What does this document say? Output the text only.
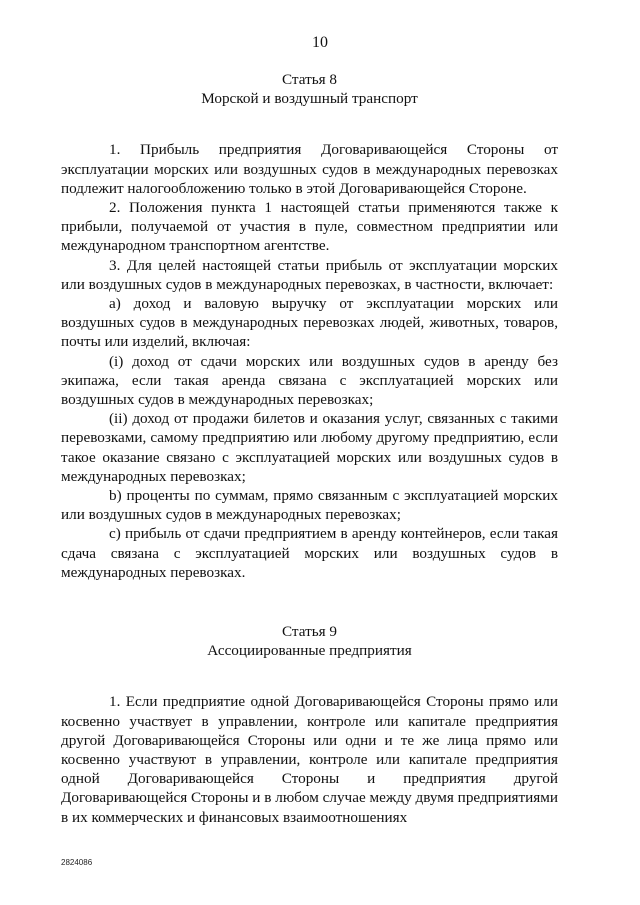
10

Статья 8

Морской и воздушный транспорт

1. Прибыль предприятия Договаривающейся Стороны от эксплуатации морских или воздушных судов в международных перевозках подлежит налогообложению только в этой Договаривающейся Стороне.

2. Положения пункта 1 настоящей статьи применяются также к прибыли, получаемой от участия в пуле, совместном предприятии или международном транспортном агентстве.

3. Для целей настоящей статьи прибыль от эксплуатации морских или воздушных судов в международных перевозках, в частности, включает:

a) доход и валовую выручку от эксплуатации морских или воздушных судов в международных перевозках людей, животных, товаров, почты или изделий, включая:

(i) доход от сдачи морских или воздушных судов в аренду без экипажа, если такая аренда связана с эксплуатацией морских или воздушных судов в международных перевозках;

(ii) доход от продажи билетов и оказания услуг, связанных с такими перевозками, самому предприятию или любому другому предприятию, если такое оказание связано с эксплуатацией морских или воздушных судов в международных перевозках;

b) проценты по суммам, прямо связанным с эксплуатацией морских или воздушных судов в международных перевозках;

c) прибыль от сдачи предприятием в аренду контейнеров, если такая сдача связана с эксплуатацией морских или воздушных судов в международных перевозках.

Статья 9

Ассоциированные предприятия

1. Если предприятие одной Договаривающейся Стороны прямо или косвенно участвует в управлении, контроле или капитале предприятия другой Договаривающейся Стороны или одни и те же лица прямо или косвенно участвуют в управлении, контроле или капитале предприятия одной Договаривающейся Стороны и предприятия другой Договаривающейся Стороны и в любом случае между двумя предприятиями в их коммерческих и финансовых взаимоотношениях

2824086
